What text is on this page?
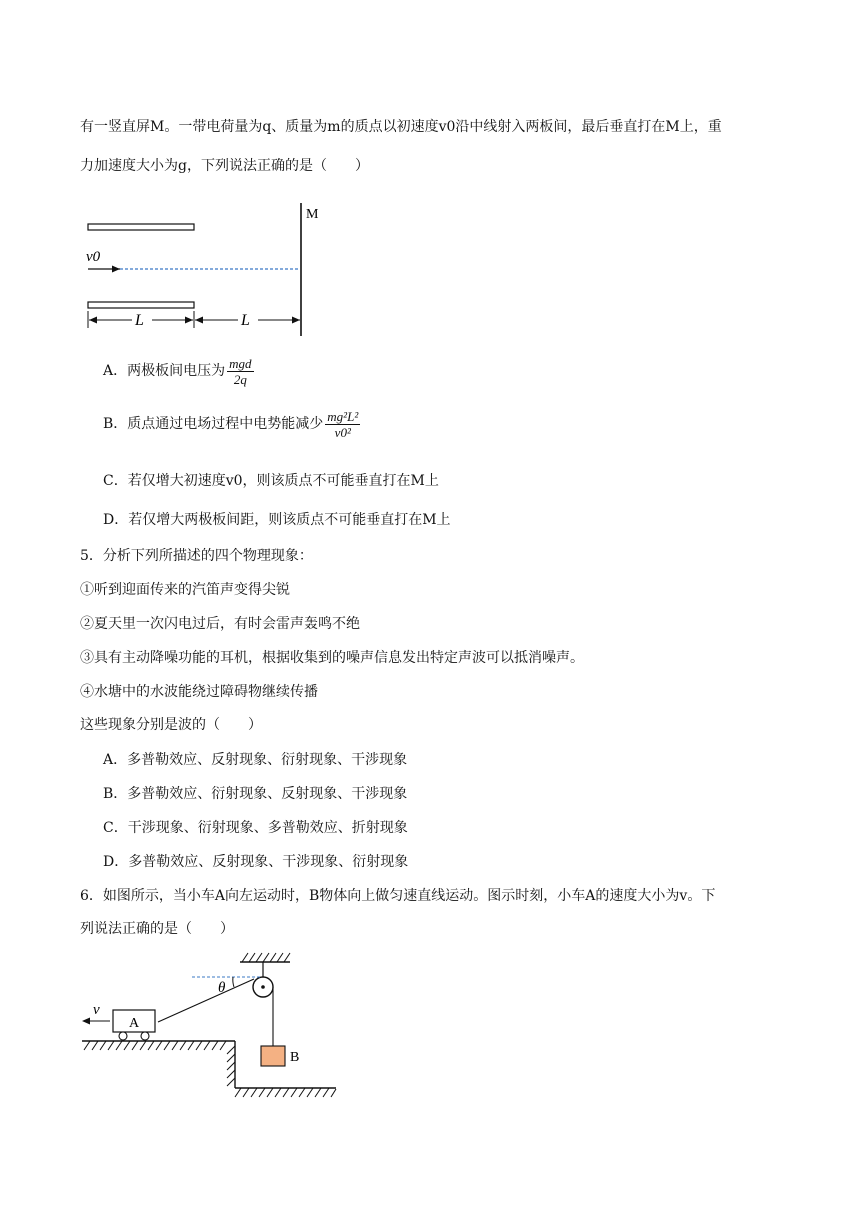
有一竖直屏M。一带电荷量为q、质量为m的质点以初速度v0沿中线射入两板间，最后垂直打在M上，重
力加速度大小为g，下列说法正确的是（　　）
M
v0
L	L
A．两极板间电压为 $\frac{\text{mgd}}{2q}$
B．质点通过电场过程中电势能减少 $\frac{\text{mg²L²}}{\text{v0²}}$
C．若仅增大初速度v0，则该质点不可能垂直打在M上
D．若仅增大两极板间距，则该质点不可能垂直打在M上
5．分析下列所描述的四个物理现象：
①听到迎面传来的汽笛声变得尖锐
②夏天里一次闪电过后，有时会雷声轰鸣不绝
③具有主动降噪功能的耳机，根据收集到的噪声信息发出特定声波可以抵消噪声。
④水塘中的水波能绕过障碍物继续传播
这些现象分别是波的（　　）
A．多普勒效应、反射现象、衍射现象、干涉现象
B．多普勒效应、衍射现象、反射现象、干涉现象
C．干涉现象、衍射现象、多普勒效应、折射现象
D．多普勒效应、反射现象、干涉现象、衍射现象
6．如图所示，当小车A向左运动时，B物体向上做匀速直线运动。图示时刻，小车A的速度大小为v。下
列说法正确的是（　　）
θ
B
A
v
